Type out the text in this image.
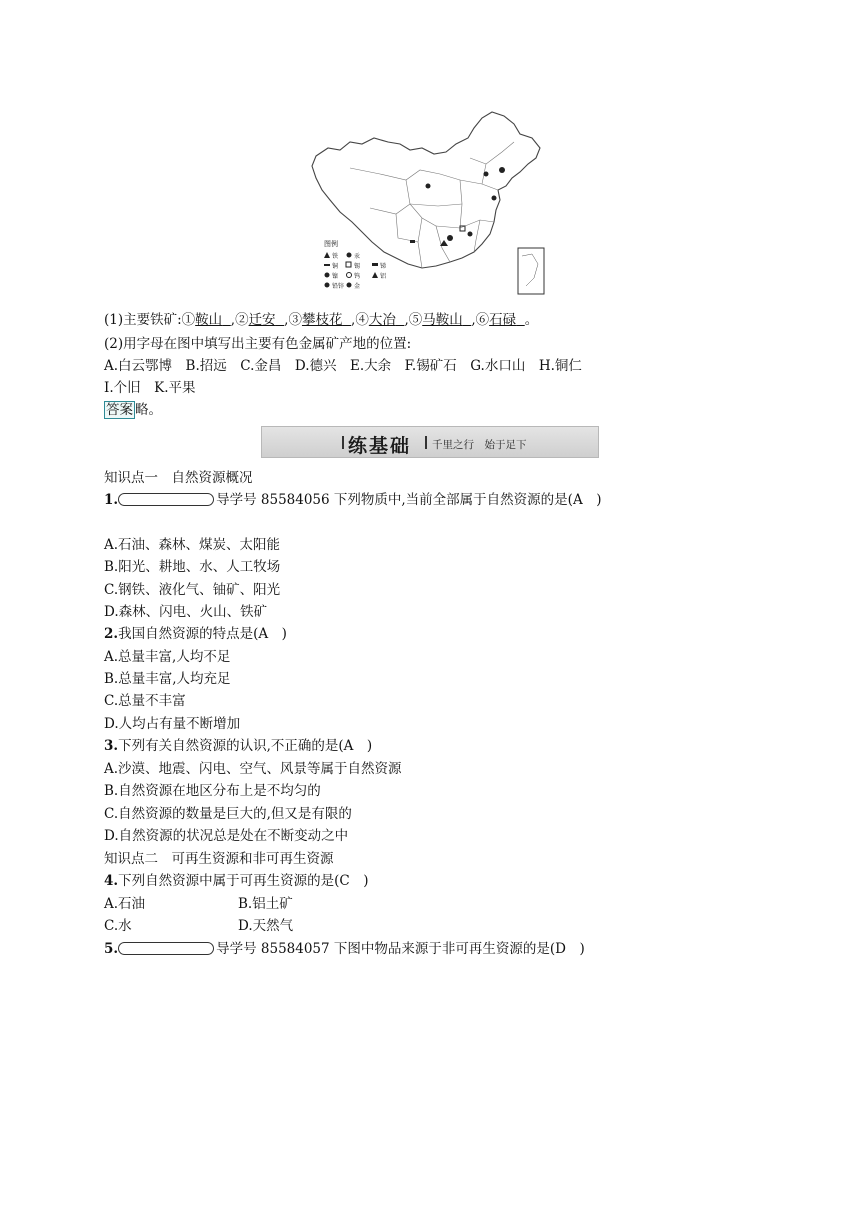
图例
铁	汞
铜	锡	锑
镍	钨	铝
铅锌 金
(1)主要铁矿:①鞍山 ,②迁安 ,③攀枝花 ,④大冶 ,⑤马鞍山 ,⑥石碌 。
(2)用字母在图中填写出主要有色金属矿产地的位置:
A.白云鄂博　B.招远　C.金昌　D.德兴　E.大余　F.锡矿石　G.水口山　H.铜仁
I.个旧　K.平果
答案 略。
练基础 千里之行　始于足下
知识点一　自然资源概况
1.	导学号 85584056 下列物质中,当前全部属于自然资源的是(A　)
A.石油、森林、煤炭、太阳能
B.阳光、耕地、水、人工牧场
C.钢铁、液化气、铀矿、阳光
D.森林、闪电、火山、铁矿
2.我国自然资源的特点是(A　)
A.总量丰富,人均不足
B.总量丰富,人均充足
C.总量不丰富
D.人均占有量不断增加
3.下列有关自然资源的认识,不正确的是(A　)
A.沙漠、地震、闪电、空气、风景等属于自然资源
B.自然资源在地区分布上是不均匀的
C.自然资源的数量是巨大的,但又是有限的
D.自然资源的状况总是处在不断变动之中
知识点二　可再生资源和非可再生资源
4.下列自然资源中属于可再生资源的是(C　)
A.石油	B.铝土矿
C.水	D.天然气
5.	导学号 85584057 下图中物品来源于非可再生资源的是(D　)
